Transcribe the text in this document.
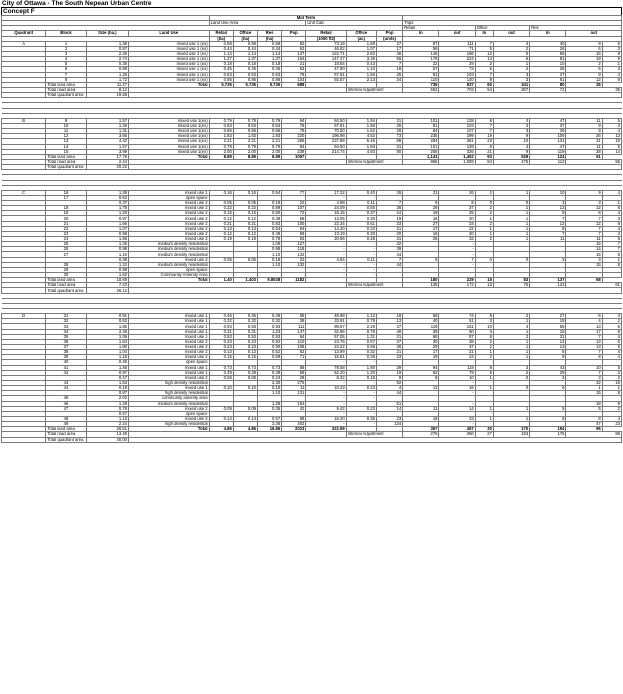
City of Ottawa - The South Nepean Urban Centre
Concept F
				Mid Term													
				Land Use Area				Unit Calc			Trips						
											Retail		Office		Res		
Quadrant	Block	Size (ha.)	Land Use	Retail	Office	Res	Pop	Retail	Office	Pop	In	out	In	out	In	out	
				(ha)	(ha)	(ha)		(1000 ft2)	(ac)	(units)							
A	1	1.36	mixed use 1 (ex)	0.68	0.68	0.68	82	73.19	1.69	27	87	111	7	3	40	9	5
	2	0.87	mixed use 1 (ex)	0.44	0.44	0.44	52	46.82	1.07	17	56	71	5	2	26	6	3
	3	2.28	mixed use 1 (ex)	1.14	1.14	1.14	137	122.71	2.82	46	146	186	12	5	68	16	8
	4	2.74	mixed use 1 (ex)	1.37	1.37	1.37	164	147.47	3.39	55	176	224	14	6	81	19	9
	5	0.35	mixed use 1 (ex)	0.18	0.18	0.18	21	18.84	0.43	7	22	29	2	1	10	2	1
	6	0.89	mixed use 1 (ex)	0.45	0.45	0.45	53	47.90	1.10	18	57	73	5	2	26	6	3
	7	1.26	mixed use 1 (ex)	0.63	0.63	0.63	76	67.81	1.56	25	81	103	7	3	37	9	4
	8	1.72	mixed use 1 (ex)	0.86	0.86	0.86	103	92.57	2.13	34	110	140	9	3	51	12	6
	Total land area	11.47	Total	5.735	5.735	5.735	688				736	937	60	341	80	35	
	Total road area	8.12							Internal Adjustment		552	703	54	307	72	35	
	Total quadrant area	19.59															

B	9	1.57	mixed use 1(ex)	0.79	0.79	0.79	94	84.50	1.94	31	101	128	8	4	47	11	5
	10	1.26	mixed use 1(ex)	0.63	0.63	0.63	76	67.81	1.56	25	81	103	7	3	37	9	4
	11	1.31	mixed use 1(ex)	0.66	0.66	0.66	79	70.50	1.62	26	84	107	7	3	39	9	4
	12	3.66	mixed use 1(ex)	1.83	1.83	1.83	220	196.98	4.52	73	235	299	19	9	109	26	13
	13	4.42	mixed use 1(ex)	2.21	2.21	2.21	265	237.88	5.46	88	284	361	23	10	131	31	15
	14	1.57	mixed use 1(ex)	0.79	0.79	0.79	94	84.50	1.94	31	101	128	8	4	47	11	5
	15	3.99	mixed use 1(ex)	2.00	2.00	2.00	239	214.74	4.93	80	256	326	21	9	119	28	14
	Total land area	17.78	Total	8.89	8.89	8.89	1067				1,141	1,452	93	528	124	61	
	Total road area	2.44							Internal Adjustment		856	1,089	84	475	112	55	
	Total quadrant area	20.22															

C	16	1.28	mixed use 1	0.16	0.16	0.54	77	17.22	0.40	26	21	26	2	1	10	9	4
	17	0.62	open space					-	-								
		0.37	mixed use 2	0.05	0.05	0.19	22	4.98	0.11	7	6	8	0	0	3	3	1
	18	1.79	mixed use 2	0.22	0.22	0.89	107	24.09	0.55	36	29	37	2	1	13	12	6
	19	1.20	mixed use 2	0.15	0.15	0.60	72	16.15	0.37	24	19	25	2	1	9	8	4
	20	0.97	mixed use 2	0.12	0.12	0.49	58	13.05	0.30	19	16	20	1	1	7	7	3
	21	1.66	mixed use 2	0.21	0.21	0.83	100	22.34	0.51	33	27	34	2	1	12	12	6
	22	1.07	mixed use 2	0.13	0.13	0.54	64	14.40	0.33	21	17	22	1	1	8	7	4
	23	0.98	mixed use 2	0.12	0.12	0.49	59	13.19	0.30	20	16	20	1	1	7	7	3
	24	1.56	mixed use 2	0.19	0.19	0.78	93	20.96	0.48	31	25	32	2	1	11	11	5
	25	1.06	medium density residential			1.06	127	-	-	42		-				15	7
	26	0.98	medium density residential			0.98	118	-	-	39		-				14	7
	27	1.10	medium density residential			1.10	132	-	-	44		-				15	8
		0.36	mixed use 2	0.05	0.05	0.18	22	4.84	0.11	7	6	7	0	0	3	3	1
	28	1.10	medium density residential			1.10	132	-	-	44		-				15	8
	29	0.98	open space					-	-								
	30	1.62	Community Amenity Area					-	-								
	Total land area	18.69	Total	1.40	1.403	9.8538	1182				180	229	15	83	137	68	
	Total road area	7.43							Internal Adjustment		135	172	13	75	124	61	
	Total quadrant area	26.12															

D	31	0.91	mixed use 1	0.46	0.46	0.46	55	48.98	1.12	18	58	74	5	2	27	6	3
	32	0.63	mixed use 1	0.32	0.32	0.32	38	33.91	0.78	13	40	51	3	1	19	4	2
	33	1.85	mixed use 1	0.93	0.93	0.93	111	99.57	2.29	37	119	151	10	4	55	13	6
	34	2.45	mixed use 1	0.31	0.31	1.23	147	32.96	0.76	49	39	50	3	1	16	17	8
	35	1.06	mixed use 1	0.53	0.53	0.53	64	57.05	1.31	21	68	87	6	2	31	7	4
	36	1.84	mixed use 2	0.23	0.23	0.92	110	24.76	0.57	37	30	38	2	1	14	13	6
	37	1.80	mixed use 2	0.23	0.23	0.90	108	24.22	0.56	36	29	37	2	1	13	13	6
	38	1.04	mixed use 2	0.13	0.13	0.52	62	13.99	0.32	21	17	21	1	1	8	7	4
	39	1.18	mixed use 2	0.15	0.15	0.59	71	15.61	0.36	23	19	24	2	1	9	8	4
	40	0.46	open space					-	-								
	41	1.46	mixed use 1	0.73	0.73	0.73	88	78.58	1.80	29	94	119	8	3	43	10	5
	42	0.97	mixed use 1	0.49	0.49	0.49	58	52.20	1.20	19	62	79	5	2	29	7	3
		0.47	mixed use 2	0.06	0.06	0.24	28	6.32	0.15	9	8	10	1	0	3	3	2
	43	1.53	high density residential			2.30	275	-	-	92		-				32	16
	44	0.19	mixed use 1	0.10	0.10	0.10	11	10.23	0.23	4	12	16	1	0	6	1	1
		0.87	high density residential			1.10	131	-	-	44		-				15	8
	45	2.02	community amenity area					-	-								
	46	1.28	medium density residential			1.28	154	-	-	51		-				18	9
	47	0.76	mixed use 2	0.09	0.09	0.35	42	9.42	0.22	14	11	14	1	1	5	5	2
		0.57	open space					-	-								
	48	1.13	mixed use 2	0.14	0.14	0.57	68	15.20	0.35	23	18	23	1	1	8	8	4
	49	2.24	high density residential			3.36	403	-	-	134		-				47	23
	Total land area	26.51	Total	4.86	4.86	16.86	2023	322.99			367	467	30	170	194	96	
	Total road area	13.49							Internal Adjustment		275	350	27	153	175	86	
	Total quadrant area	40.00															
